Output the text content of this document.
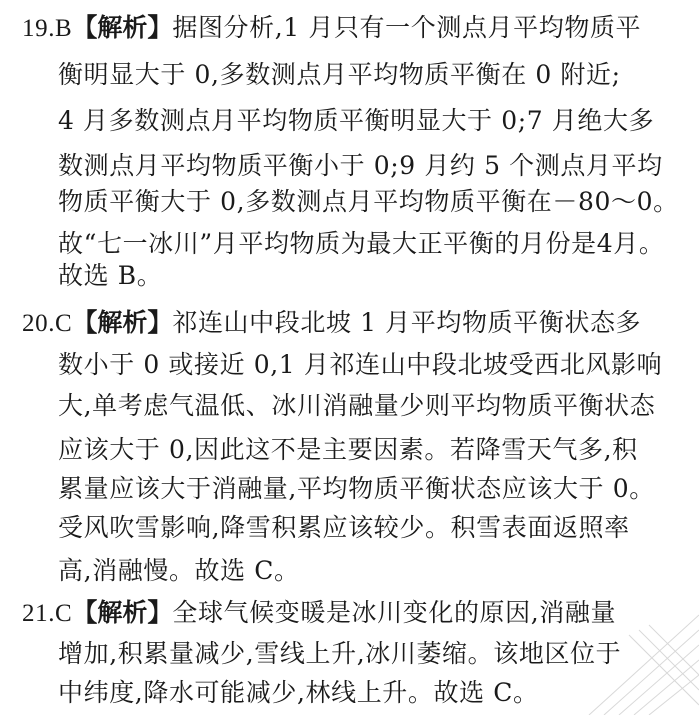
19.B【解析】据图分析,1 月只有一个测点月平均物质平
衡明显大于 0,多数测点月平均物质平衡在 0 附近;
4 月多数测点月平均物质平衡明显大于 0;7 月绝大多
数测点月平均物质平衡小于 0;9 月约 5 个测点月平均
物质平衡大于 0,多数测点月平均物质平衡在－80～0。
故“七一冰川”月平均物质为最大正平衡的月份是4月。
故选 B。
20.C【解析】祁连山中段北坡 1 月平均物质平衡状态多
数小于 0 或接近 0,1 月祁连山中段北坡受西北风影响
大,单考虑气温低、冰川消融量少则平均物质平衡状态
应该大于 0,因此这不是主要因素。若降雪天气多,积
累量应该大于消融量,平均物质平衡状态应该大于 0。
受风吹雪影响,降雪积累应该较少。积雪表面返照率
高,消融慢。故选 C。
21.C【解析】全球气候变暖是冰川变化的原因,消融量
增加,积累量减少,雪线上升,冰川萎缩。该地区位于
中纬度,降水可能减少,林线上升。故选 C。
